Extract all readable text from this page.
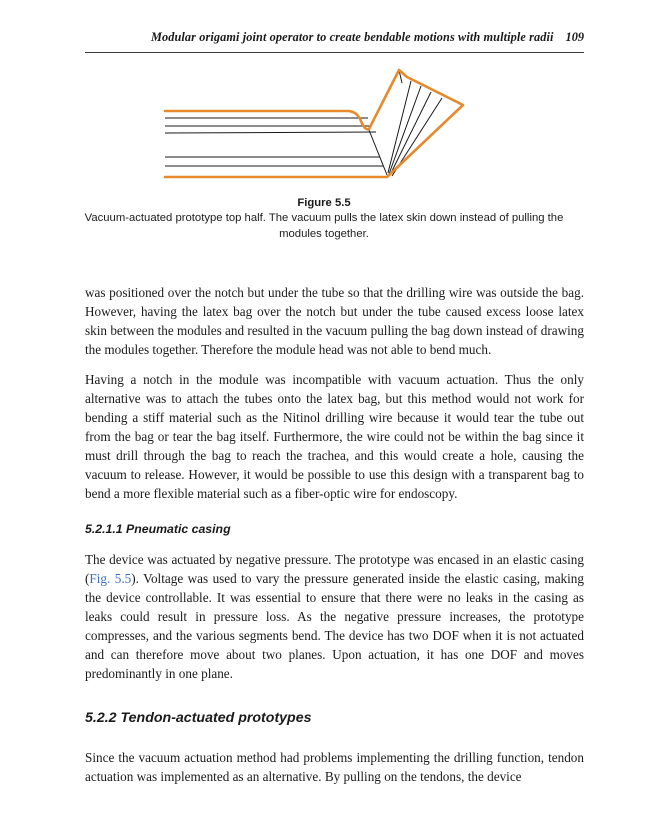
Modular origami joint operator to create bendable motions with multiple radii 109
Figure 5.5
Vacuum-actuated prototype top half. The vacuum pulls the latex skin down instead of pulling the modules together.

was positioned over the notch but under the tube so that the drilling wire was outside the bag. However, having the latex bag over the notch but under the tube caused excess loose latex skin between the modules and resulted in the vacuum pulling the bag down instead of drawing the modules together. Therefore the module head was not able to bend much.

Having a notch in the module was incompatible with vacuum actuation. Thus the only alternative was to attach the tubes onto the latex bag, but this method would not work for bending a stiff material such as the Nitinol drilling wire because it would tear the tube out from the bag or tear the bag itself. Furthermore, the wire could not be within the bag since it must drill through the bag to reach the trachea, and this would create a hole, causing the vacuum to release. However, it would be possible to use this design with a transparent bag to bend a more flexible material such as a fiber-optic wire for endoscopy.

5.2.1.1 Pneumatic casing

The device was actuated by negative pressure. The prototype was encased in an elastic casing (Fig. 5.5). Voltage was used to vary the pressure generated inside the elastic casing, making the device controllable. It was essential to ensure that there were no leaks in the casing as leaks could result in pressure loss. As the negative pressure increases, the prototype compresses, and the various segments bend. The device has two DOF when it is not actuated and can therefore move about two planes. Upon actuation, it has one DOF and moves predominantly in one plane.

5.2.2 Tendon-actuated prototypes

Since the vacuum actuation method had problems implementing the drilling function, tendon actuation was implemented as an alternative. By pulling on the tendons, the device
